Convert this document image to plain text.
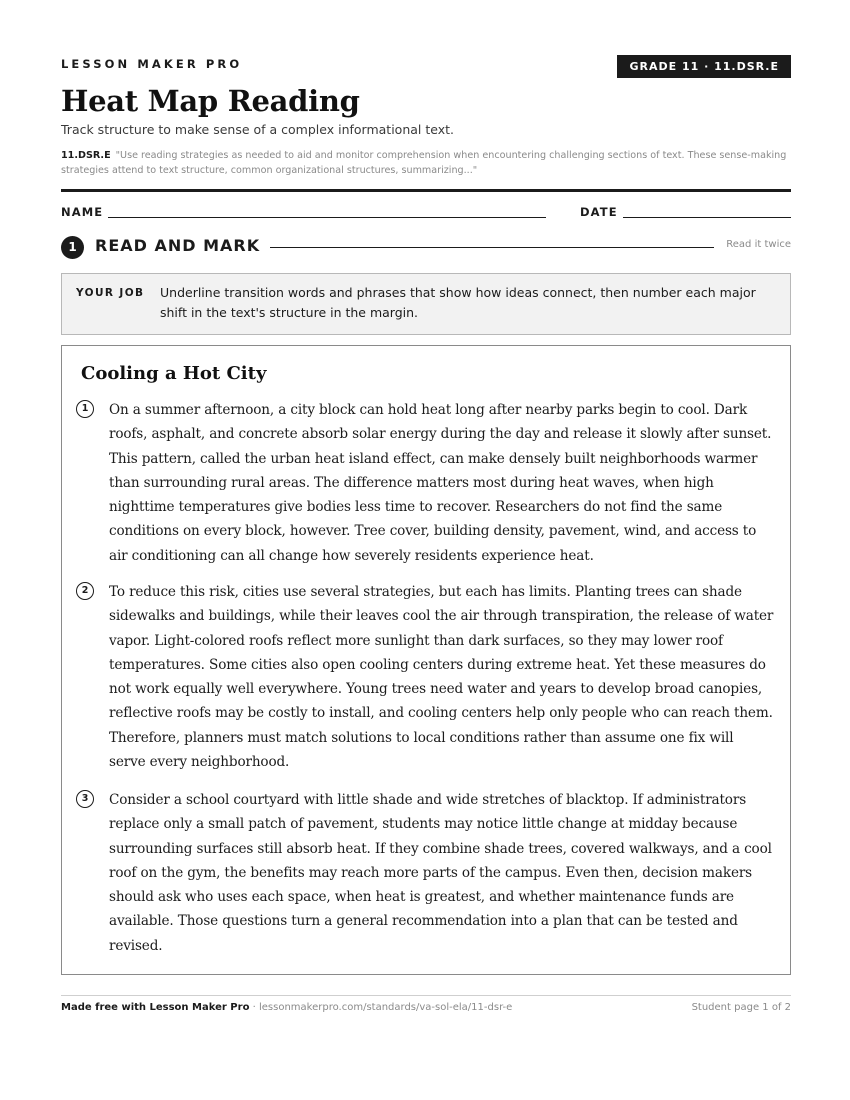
LESSON MAKER PRO	GRADE 11 · 11.DSR.E
Heat Map Reading
Track structure to make sense of a complex informational text.
11.DSR.E "Use reading strategies as needed to aid and monitor comprehension when encountering challenging sections of text. These sense-making strategies attend to text structure, common organizational structures, summarizing..."
NAME	DATE
1	READ AND MARK	Read it twice
YOUR JOB Underline transition words and phrases that show how ideas connect, then number each major shift in the text's structure in the margin.
Cooling a Hot City
1	On a summer afternoon, a city block can hold heat long after nearby parks begin to cool. Dark roofs, asphalt, and concrete absorb solar energy during the day and release it slowly after sunset. This pattern, called the urban heat island effect, can make densely built neighborhoods warmer than surrounding rural areas. The difference matters most during heat waves, when high nighttime temperatures give bodies less time to recover. Researchers do not find the same conditions on every block, however. Tree cover, building density, pavement, wind, and access to air conditioning can all change how severely residents experience heat.
2	To reduce this risk, cities use several strategies, but each has limits. Planting trees can shade sidewalks and buildings, while their leaves cool the air through transpiration, the release of water vapor. Light-colored roofs reflect more sunlight than dark surfaces, so they may lower roof temperatures. Some cities also open cooling centers during extreme heat. Yet these measures do not work equally well everywhere. Young trees need water and years to develop broad canopies, reflective roofs may be costly to install, and cooling centers help only people who can reach them. Therefore, planners must match solutions to local conditions rather than assume one fix will serve every neighborhood.
3	Consider a school courtyard with little shade and wide stretches of blacktop. If administrators replace only a small patch of pavement, students may notice little change at midday because surrounding surfaces still absorb heat. If they combine shade trees, covered walkways, and a cool roof on the gym, the benefits may reach more parts of the campus. Even then, decision makers should ask who uses each space, when heat is greatest, and whether maintenance funds are available. Those questions turn a general recommendation into a plan that can be tested and revised.
Made free with Lesson Maker Pro · lessonmakerpro.com/standards/va-sol-ela/11-dsr-e	Student page 1 of 2
